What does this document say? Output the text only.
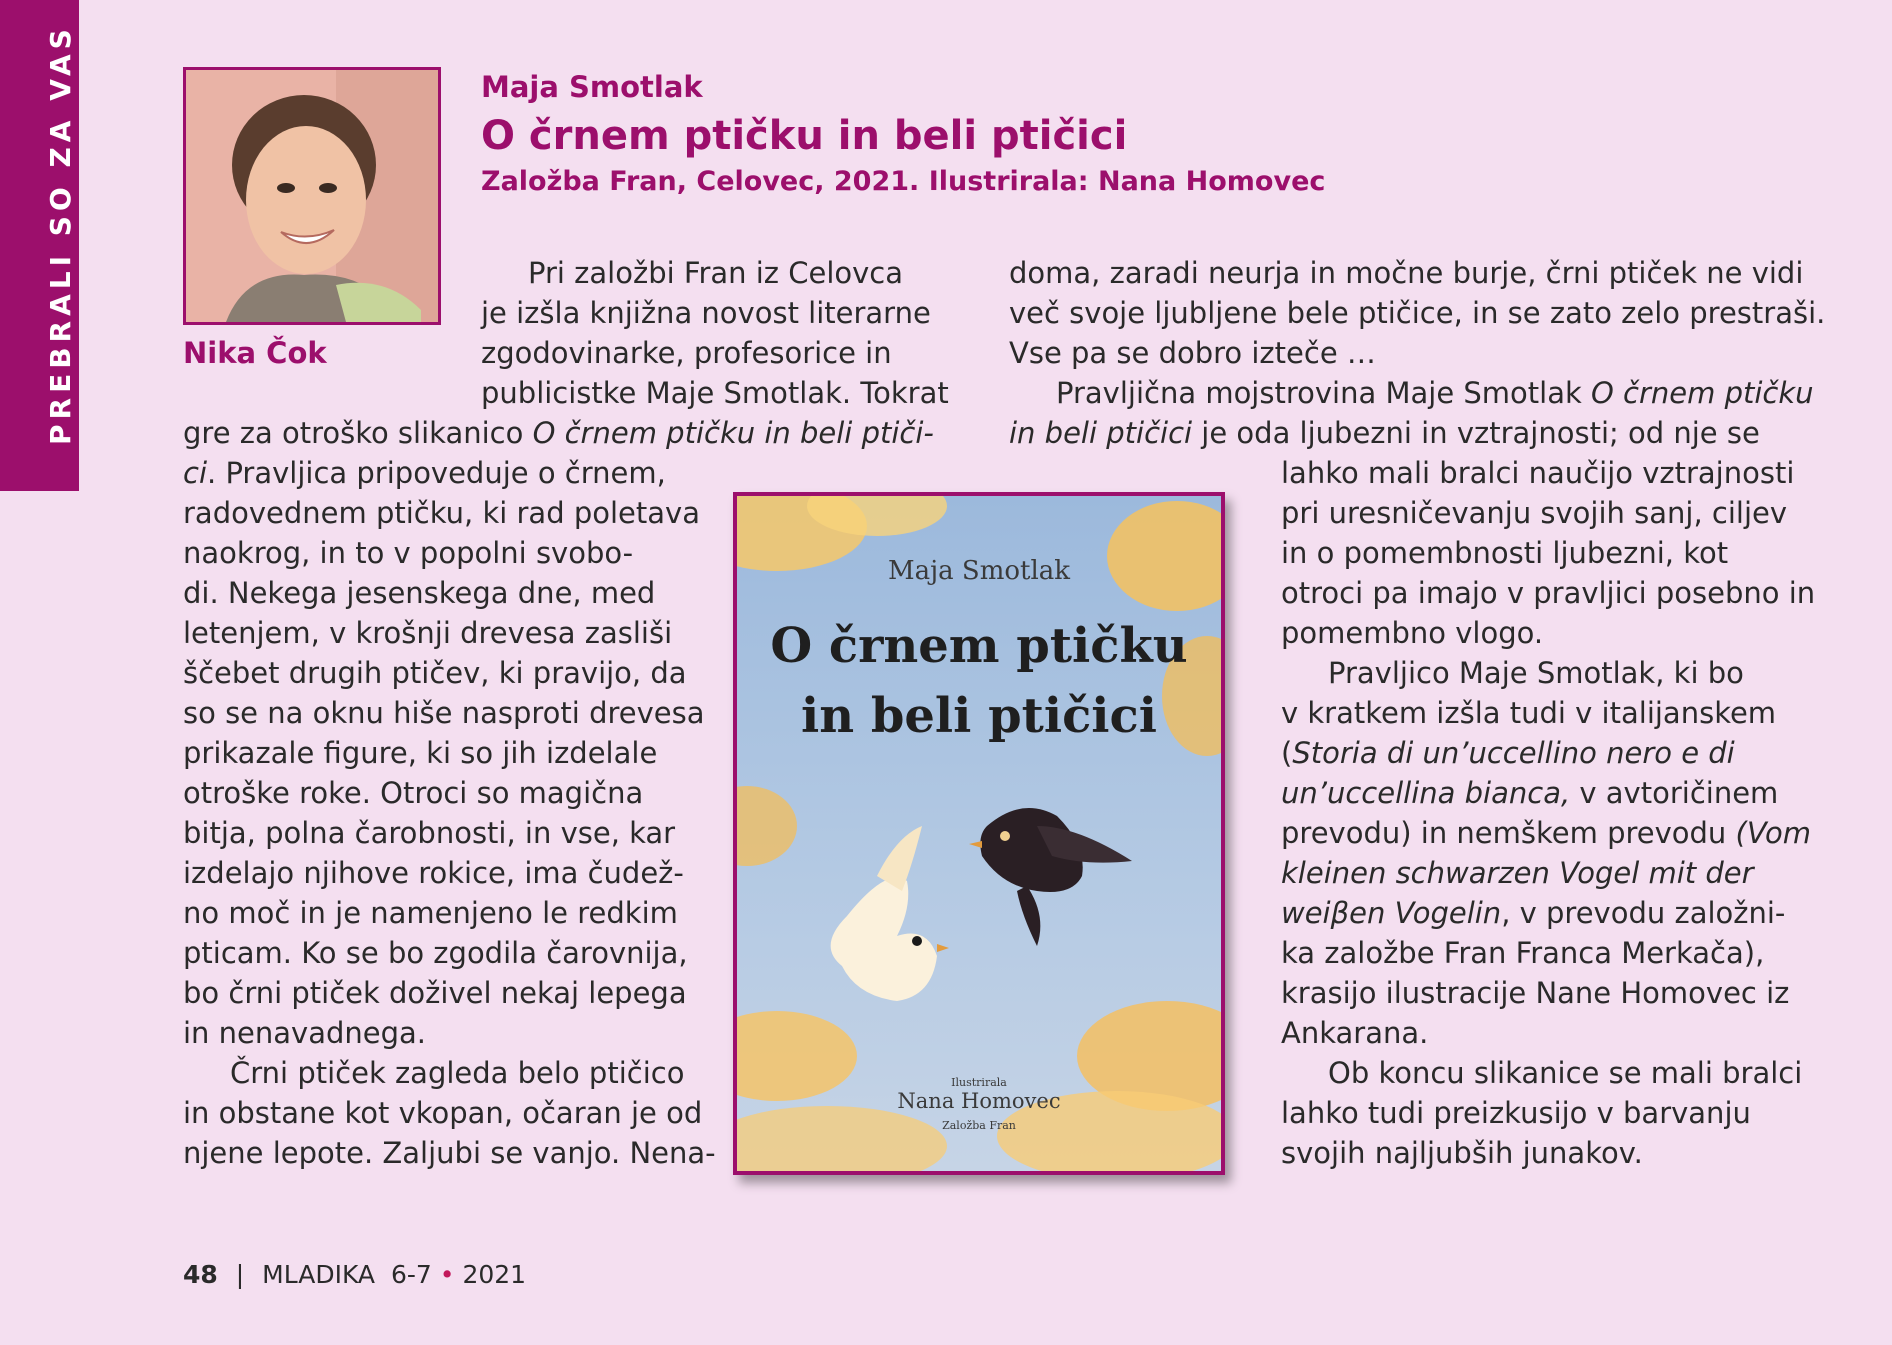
PREBRALI SO ZA VAS	Nika Čok
Maja Smotlak
O črnem ptičku in beli ptičici
Založba Fran, Celovec, 2021. Ilustrirala: Nana Homovec
Pri založbi Fran iz Celovca
je izšla knjižna novost literarne
zgodovinarke, profesorice in
publicistke Maje Smotlak. Tokrat
gre za otroško slikanico O črnem ptičku in beli ptiči-
ci. Pravljica pripoveduje o črnem,
radovednem ptičku, ki rad poletava
naokrog, in to v popolni svobo-
di. Nekega jesenskega dne, med
letenjem, v krošnji drevesa zasliši
ščebet drugih ptičev, ki pravijo, da
so se na oknu hiše nasproti drevesa
prikazale figure, ki so jih izdelale
otroške roke. Otroci so magična
bitja, polna čarobnosti, in vse, kar
izdelajo njihove rokice, ima čudež-
no moč in je namenjeno le redkim
pticam. Ko se bo zgodila čarovnija,
bo črni ptiček doživel nekaj lepega
in nenavadnega.
Črni ptiček zagleda belo ptičico
in obstane kot vkopan, očaran je od
njene lepote. Zaljubi se vanjo. Nena-
doma, zaradi neurja in močne burje, črni ptiček ne vidi
več svoje ljubljene bele ptičice, in se zato zelo prestraši.
Vse pa se dobro izteče …
Pravljična mojstrovina Maje Smotlak O črnem ptičku
in beli ptičici je oda ljubezni in vztrajnosti; od nje se
lahko mali bralci naučijo vztrajnosti
pri uresničevanju svojih sanj, ciljev
in o pomembnosti ljubezni, kot
otroci pa imajo v pravljici posebno in
pomembno vlogo.
Pravljico Maje Smotlak, ki bo
v kratkem izšla tudi v italijanskem
(Storia di un’uccellino nero e di
un’uccellina bianca, v avtoričinem
prevodu) in nemškem prevodu (Vom
kleinen schwarzen Vogel mit der
weiβen Vogelin, v prevodu založni-
ka založbe Fran Franca Merkača),
krasijo ilustracije Nane Homovec iz
Ankarana.
Ob koncu slikanice se mali bralci
lahko tudi preizkusijo v barvanju
svojih najljubših junakov.
Maja Smotlak
O črnem ptičku
in beli ptičici
Ilustrirala
Nana Homovec
Založba Fran
48 | MLADIKA 6-7 • 2021
